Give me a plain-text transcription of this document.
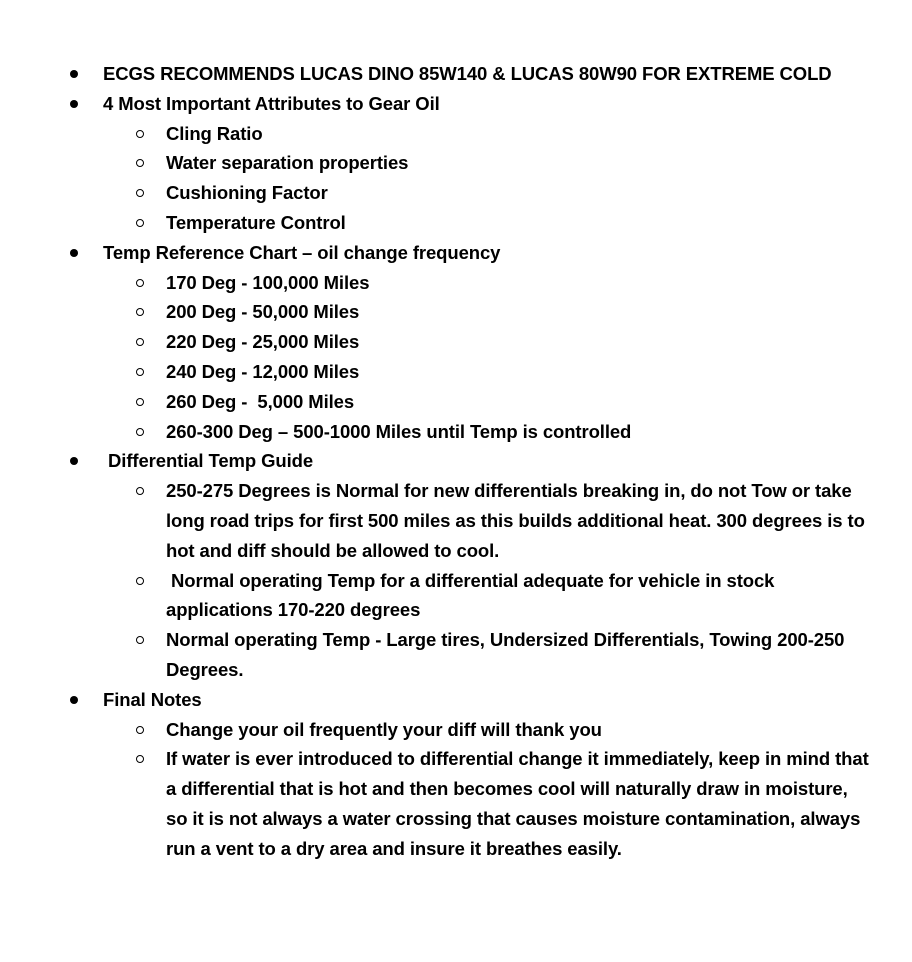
ECGS RECOMMENDS LUCAS DINO 85W140 & LUCAS 80W90 FOR EXTREME COLD
4 Most Important Attributes to Gear Oil
Cling Ratio
Water separation properties
Cushioning Factor
Temperature Control
Temp Reference Chart – oil change frequency
170 Deg - 100,000 Miles
200 Deg - 50,000 Miles
220 Deg - 25,000 Miles
240 Deg - 12,000 Miles
260 Deg -  5,000 Miles
260-300 Deg – 500-1000 Miles until Temp is controlled
Differential Temp Guide
250-275 Degrees is Normal for new differentials breaking in, do not Tow or take long road trips for first 500 miles as this builds additional heat. 300 degrees is to hot and diff should be allowed to cool.
Normal operating Temp for a differential adequate for vehicle in stock applications 170-220 degrees
Normal operating Temp - Large tires, Undersized Differentials, Towing 200-250 Degrees.
Final Notes
Change your oil frequently your diff will thank you
If water is ever introduced to differential change it immediately, keep in mind that a differential that is hot and then becomes cool will naturally draw in moisture, so it is not always a water crossing that causes moisture contamination, always run a vent to a dry area and insure it breathes easily.
